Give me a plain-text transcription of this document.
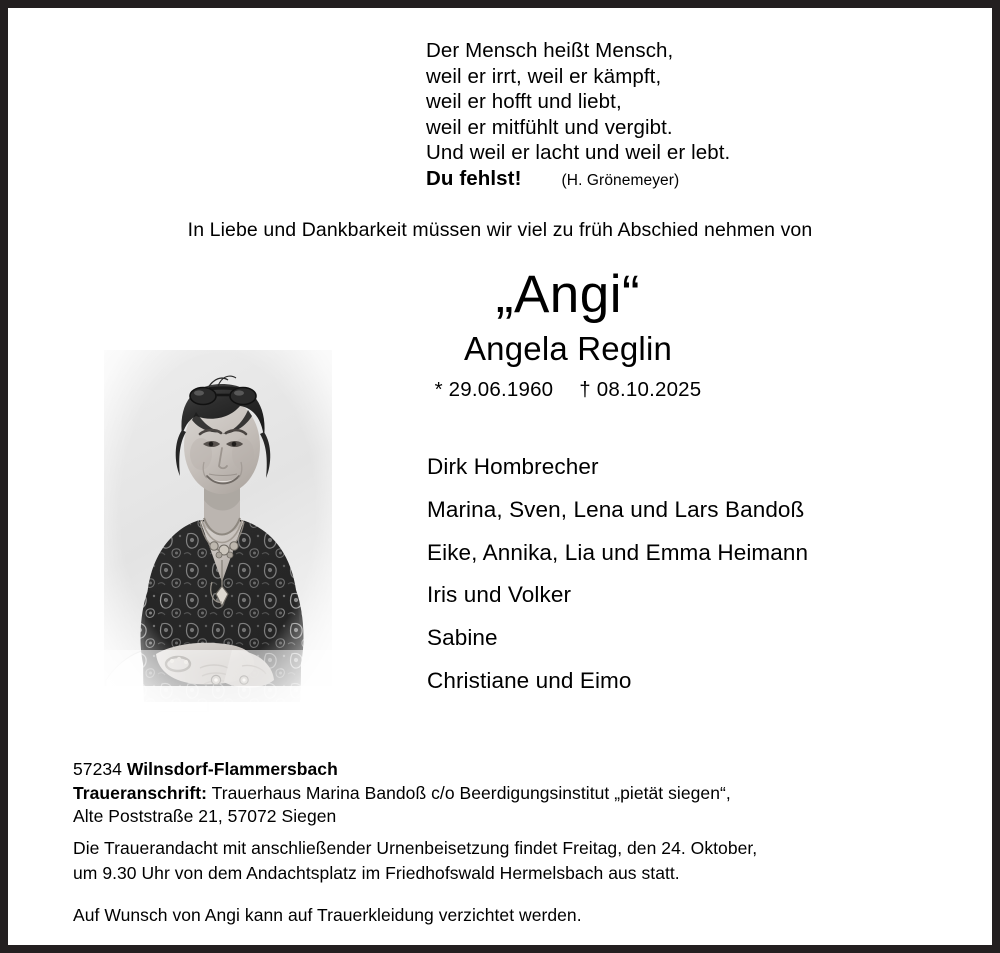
Der Mensch heißt Mensch,
weil er irrt, weil er kämpft,
weil er hofft und liebt,
weil er mitfühlt und vergibt.
Und weil er lacht und weil er lebt.
Du fehlst!	(H. Grönemeyer)
In Liebe und Dankbarkeit müssen wir viel zu früh Abschied nehmen von
„Angi“
Angela Reglin
* 29.06.1960 † 08.10.2025
Dirk Hombrecher
Marina, Sven, Lena und Lars Bandoß
Eike, Annika, Lia und Emma Heimann
Iris und Volker
Sabine
Christiane und Eimo
57234 Wilnsdorf-Flammersbach
Traueranschrift: Trauerhaus Marina Bandoß c/o Beerdigungsinstitut „pietät siegen“,
Alte Poststraße 21, 57072 Siegen
Die Trauerandacht mit anschließender Urnenbeisetzung findet Freitag, den 24. Oktober,
um 9.30 Uhr von dem Andachtsplatz im Friedhofswald Hermelsbach aus statt.
Auf Wunsch von Angi kann auf Trauerkleidung verzichtet werden.
